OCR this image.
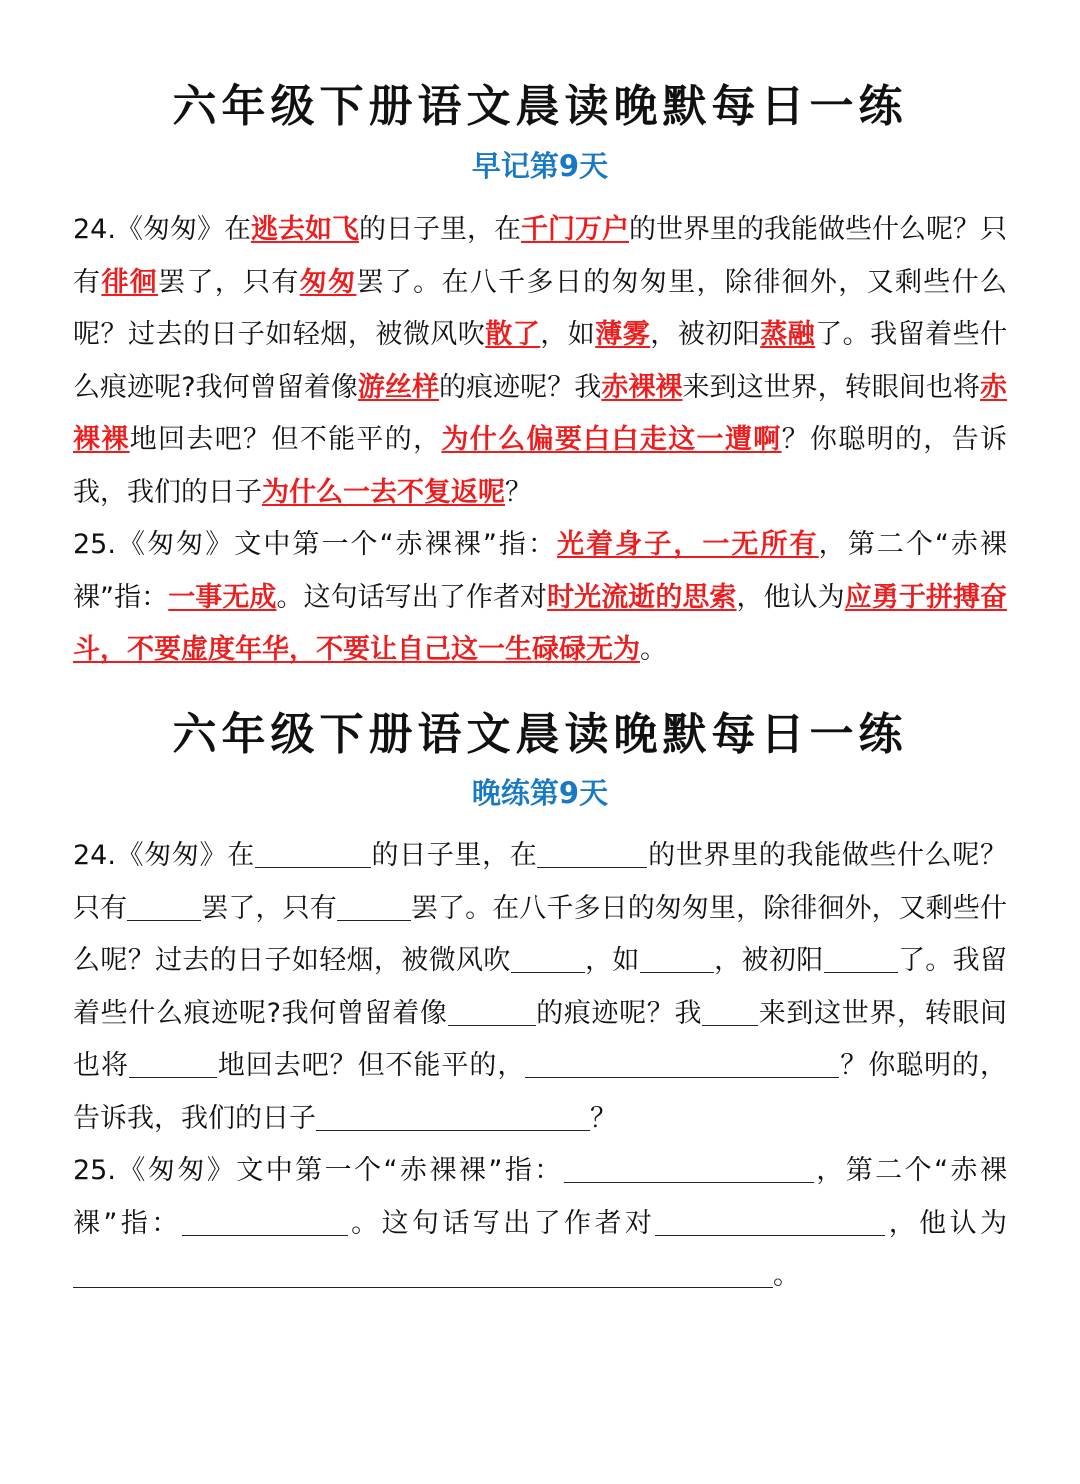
六年级下册语文晨读晚默每日一练
早记第9天
24.《匆匆》在逃去如飞的日子里，在千门万户的世界里的我能做些什么呢？只有徘徊罢了，只有匆匆罢了。在八千多日的匆匆里，除徘徊外，又剩些什么呢？过去的日子如轻烟，被微风吹散了，如薄雾，被初阳蒸融了。我留着些什么痕迹呢?我何曾留着像游丝样的痕迹呢？我赤裸裸来到这世界，转眼间也将赤裸裸地回去吧？但不能平的，为什么偏要白白走这一遭啊？你聪明的，告诉我，我们的日子为什么一去不复返呢？
25.《匆匆》文中第一个“赤裸裸”指：光着身子，一无所有，第二个“赤裸裸”指：一事无成。这句话写出了作者对时光流逝的思索，他认为应勇于拼搏奋斗，不要虚度年华，不要让自己这一生碌碌无为。
六年级下册语文晨读晚默每日一练
晚练第9天
24.《匆匆》在	的日子里，在	的世界里的我能做些什么呢？只有	罢了，只有	罢了。在八千多日的匆匆里，除徘徊外，又剩些什么呢？过去的日子如轻烟，被微风吹	，如	，被初阳	了。我留着些什么痕迹呢?我何曾留着像	的痕迹呢？我 来到这世界，转眼间也将	地回去吧？但不能平的，	？你聪明的，告诉我，我们的日子	？
25.《匆匆》文中第一个“赤裸裸”指：	，第二个“赤裸裸”指：	。这句话写出了作者对	，他认为。
